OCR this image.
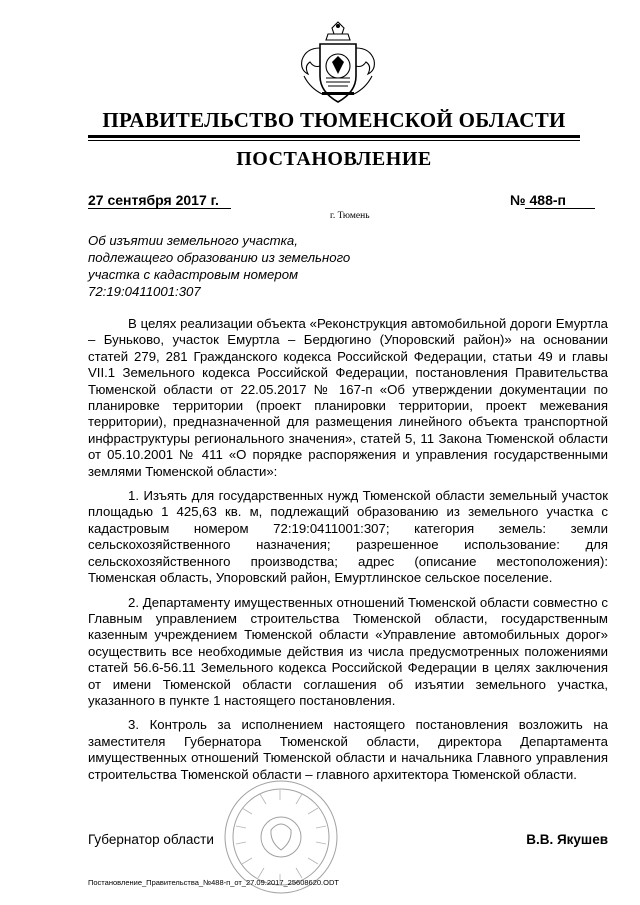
ПРАВИТЕЛЬСТВО ТЮМЕНСКОЙ ОБЛАСТИ
ПОСТАНОВЛЕНИЕ
27 сентября 2017 г.	№ 488-п
г. Тюмень
Об изъятии земельного участка, подлежащего образованию из земельного участка с кадастровым номером 72:19:0411001:307

В целях реализации объекта «Реконструкция автомобильной дороги Емуртла – Буньково, участок Емуртла – Бердюгино (Упоровский район)» на основании статей 279, 281 Гражданского кодекса Российской Федерации, статьи 49 и главы VII.1 Земельного кодекса Российской Федерации, постановления Правительства Тюменской области от 22.05.2017 № 167-п «Об утверждении документации по планировке территории (проект планировки территории, проект межевания территории), предназначенной для размещения линейного объекта транспортной инфраструктуры регионального значения», статей 5, 11 Закона Тюменской области от 05.10.2001 № 411 «О порядке распоряжения и управления государственными землями Тюменской области»:

1. Изъять для государственных нужд Тюменской области земельный участок площадью 1 425,63 кв. м, подлежащий образованию из земельного участка с кадастровым номером 72:19:0411001:307; категория земель: земли сельскохозяйственного назначения; разрешенное использование: для сельскохозяйственного производства; адрес (описание местоположения): Тюменская область, Упоровский район, Емуртлинское сельское поселение.

2. Департаменту имущественных отношений Тюменской области совместно с Главным управлением строительства Тюменской области, государственным казенным учреждением Тюменской области «Управление автомобильных дорог» осуществить все необходимые действия из числа предусмотренных положениями статей 56.6-56.11 Земельного кодекса Российской Федерации в целях заключения от имени Тюменской области соглашения об изъятии земельного участка, указанного в пункте 1 настоящего постановления.

3. Контроль за исполнением настоящего постановления возложить на заместителя Губернатора Тюменской области, директора Департамента имущественных отношений Тюменской области и начальника Главного управления строительства Тюменской области – главного архитектора Тюменской области.

Губернатор области	В.В. Якушев
Постановление_Правительства_№488-п_от_27.09.2017_25608620.ODT
